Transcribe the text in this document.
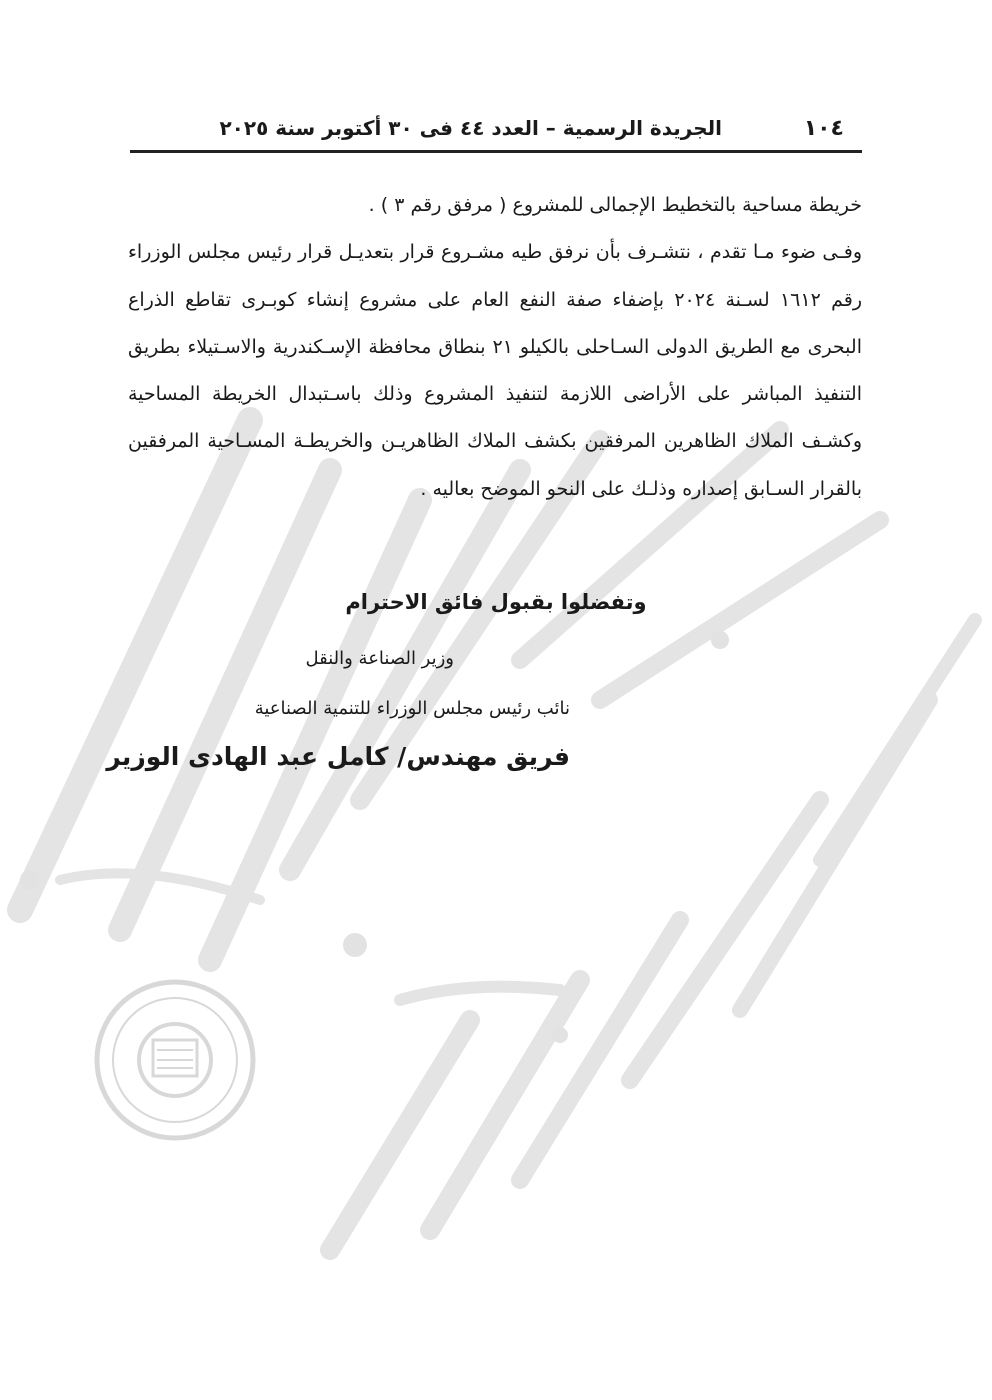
١٠٤
الجريدة الرسمية – العدد ٤٤ فى ٣٠ أكتوبر سنة ٢٠٢٥

خريطة مساحية بالتخطيط الإجمالى للمشروع ( مرفق رقم ٣ ) .

وفـى ضوء مـا تقدم ، نتشـرف بأن نرفق طيه مشـروع قرار بتعديـل قرار رئيس مجلس الوزراء رقم ١٦١٢ لسـنة ٢٠٢٤ بإضفاء صفة النفع العام على مشروع إنشاء كوبـرى تقاطع الذراع البحرى مع الطريق الدولى السـاحلى بالكيلو ٢١ بنطاق محافظة الإسـكندرية والاسـتيلاء بطريق التنفيذ المباشر على الأراضى اللازمة لتنفيذ المشروع وذلك باسـتبدال الخريطة المساحية وكشـف الملاك الظاهرين المرفقين بكشف الملاك الظاهريـن والخريطـة المسـاحية المرفقين بالقرار السـابق إصداره وذلـك على النحو الموضح بعاليه .

وتفضلوا بقبول فائق الاحترام
وزير الصناعة والنقل
نائب رئيس مجلس الوزراء للتنمية الصناعية
فريق مهندس/ كامل عبد الهادى الوزير
